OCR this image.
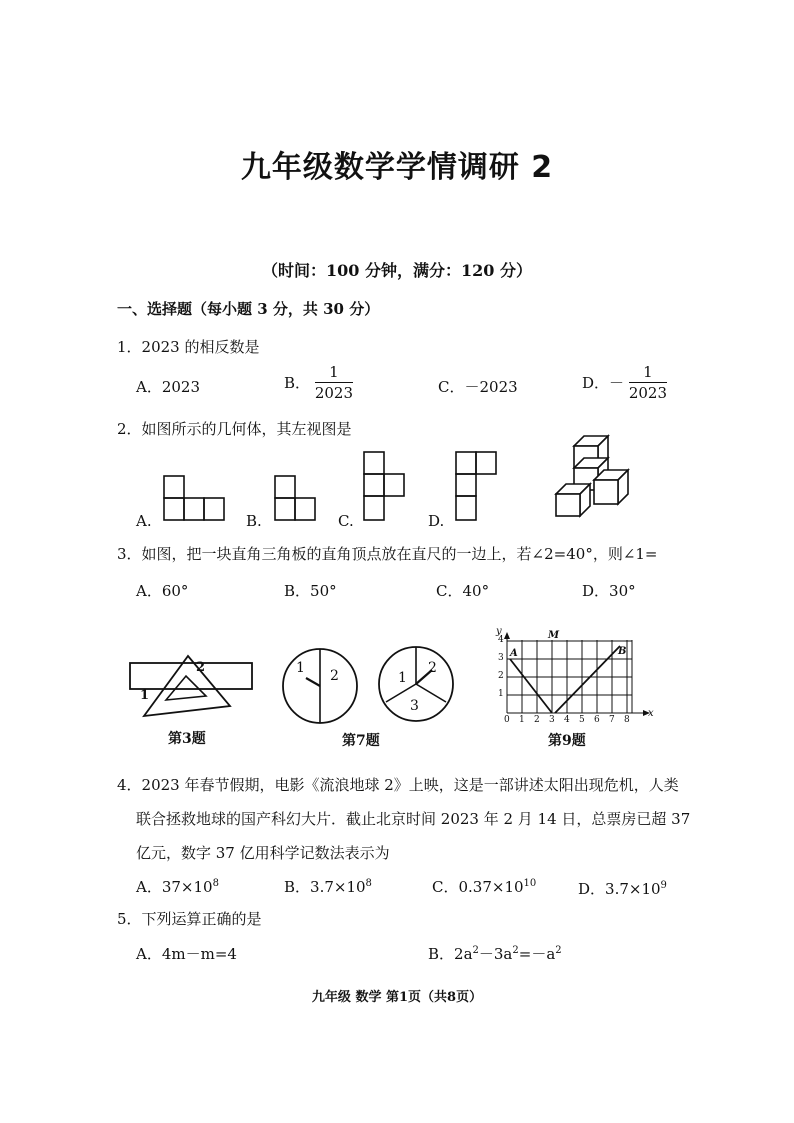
九年级数学学情调研 2
（时间：100 分钟，满分：120 分）
一、选择题（每小题 3 分，共 30 分）
1．2023 的相反数是
A．2023	B． $\frac{1}{2023}$	C．－2023	D．－ $\frac{1}{2023}$
2．如图所示的几何体，其左视图是
A.	B.	C.	D.
3．如图，把一块直角三角板的直角顶点放在直尺的一边上，若∠2=40°，则∠1=
A．60°	B．50°	C．40°	D．30°
2
1
第3题
1 2	1
2
3
第7题
y
x
A	B
M
0 1 2 3 4 5 6 7 8
1
2
3
4
第9题
4．2023 年春节假期，电影《流浪地球 2》上映，这是一部讲述太阳出现危机，人类
联合拯救地球的国产科幻大片．截止北京时间 2023 年 2 月 14 日，总票房已超 37
亿元，数字 37 亿用科学记数法表示为
A．$37\times 10^8$	B．$3.7\times 10^8$	C．$0.37\times 10^{10}$	D．$3.7\times 10^9$
5．下列运算正确的是
A．4m－m=4	B．$2a^2-3a^2=-a^2$
九年级 数学 第1页（共8页）
